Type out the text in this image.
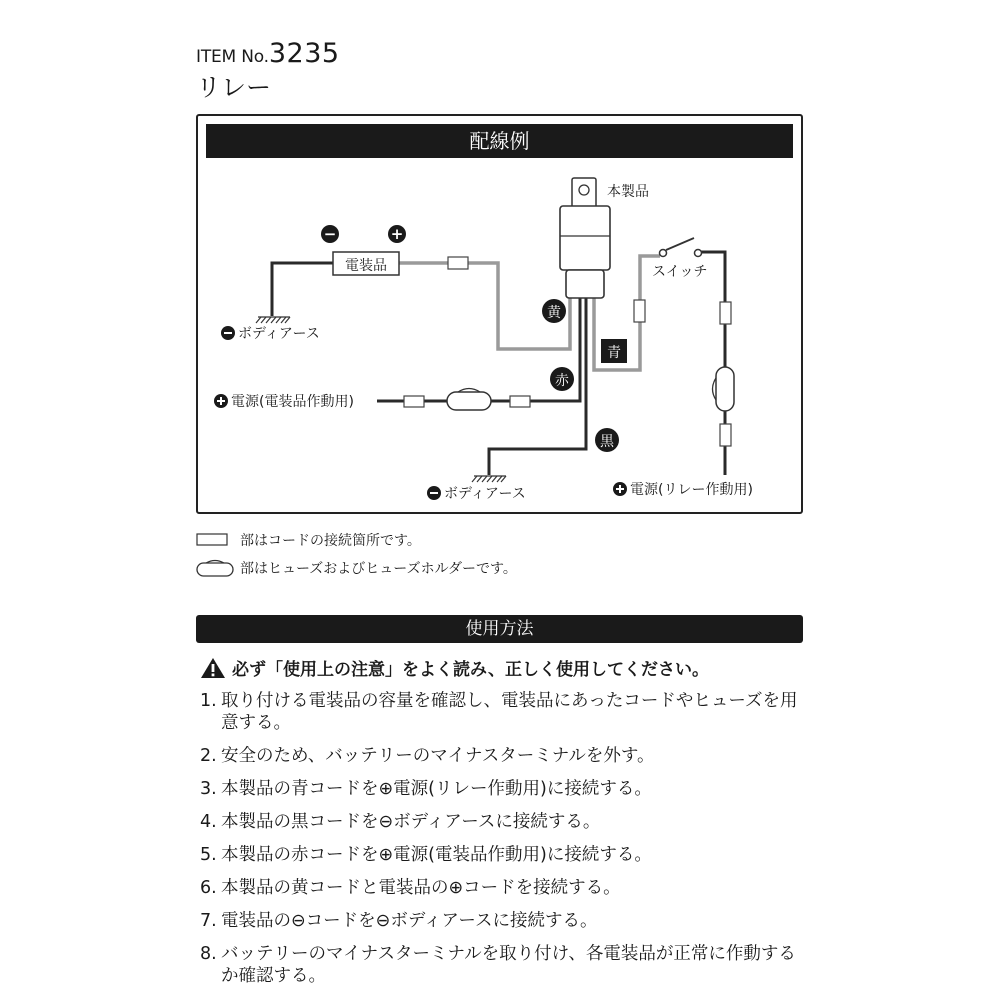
ITEM No.3235
リレー
配線例
電装品
−	+
黄
赤
黒
青
本製品
スイッチ
ボディアース
電源(電装品作動用)
ボディアース	電源(リレー作動用)
部はコードの接続箇所です。
部はヒューズおよびヒューズホルダーです。
使用方法
必ず「使用上の注意」をよく読み、正しく使用してください。
1. 取り付ける電装品の容量を確認し、電装品にあったコードやヒューズを用意する。
2. 安全のため、バッテリーのマイナスターミナルを外す。
3. 本製品の青コードを⊕電源(リレー作動用)に接続する。
4. 本製品の黒コードを⊖ボディアースに接続する。
5. 本製品の赤コードを⊕電源(電装品作動用)に接続する。
6. 本製品の黄コードと電装品の⊕コードを接続する。
7. 電装品の⊖コードを⊖ボディアースに接続する。
8. バッテリーのマイナスターミナルを取り付け、各電装品が正常に作動するか確認する。
